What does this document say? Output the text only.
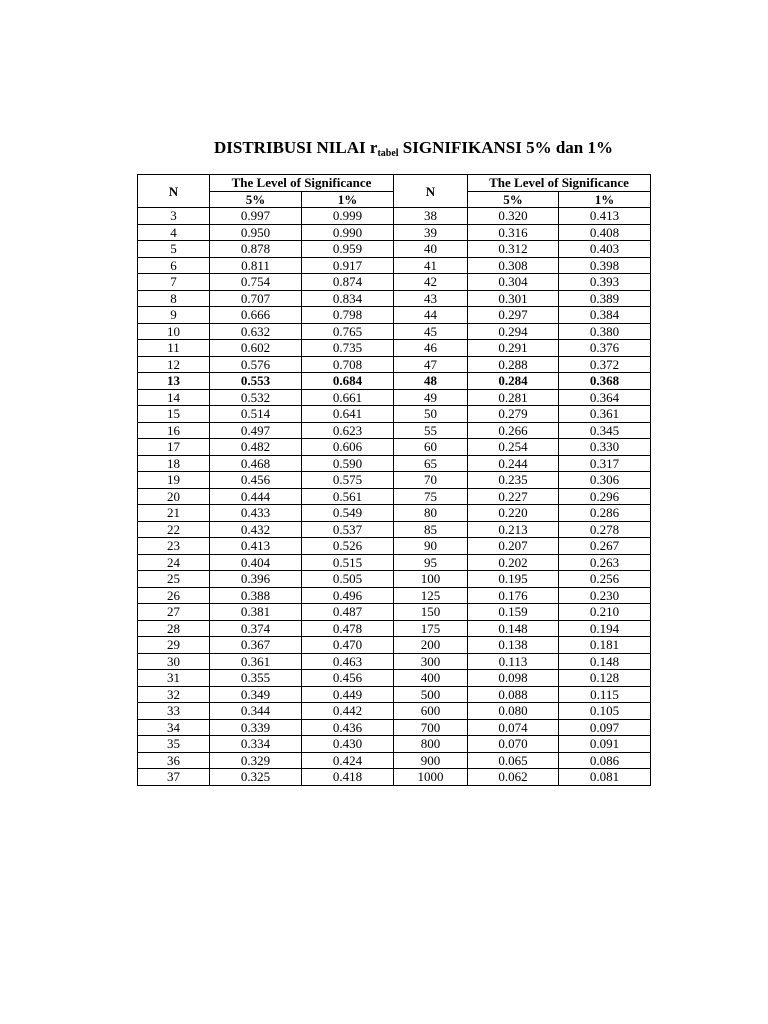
DISTRIBUSI NILAI $r_{tabel}$ SIGNIFIKANSI 5% dan 1%
N	The Level of Significance		N	The Level of Significance	
	5%	1%		5%	1%
3	0.997	0.999	38	0.320	0.413
4	0.950	0.990	39	0.316	0.408
5	0.878	0.959	40	0.312	0.403
6	0.811	0.917	41	0.308	0.398
7	0.754	0.874	42	0.304	0.393
8	0.707	0.834	43	0.301	0.389
9	0.666	0.798	44	0.297	0.384
10	0.632	0.765	45	0.294	0.380
11	0.602	0.735	46	0.291	0.376
12	0.576	0.708	47	0.288	0.372
13	0.553	0.684	48	0.284	0.368
14	0.532	0.661	49	0.281	0.364
15	0.514	0.641	50	0.279	0.361
16	0.497	0.623	55	0.266	0.345
17	0.482	0.606	60	0.254	0.330
18	0.468	0.590	65	0.244	0.317
19	0.456	0.575	70	0.235	0.306
20	0.444	0.561	75	0.227	0.296
21	0.433	0.549	80	0.220	0.286
22	0.432	0.537	85	0.213	0.278
23	0.413	0.526	90	0.207	0.267
24	0.404	0.515	95	0.202	0.263
25	0.396	0.505	100	0.195	0.256
26	0.388	0.496	125	0.176	0.230
27	0.381	0.487	150	0.159	0.210
28	0.374	0.478	175	0.148	0.194
29	0.367	0.470	200	0.138	0.181
30	0.361	0.463	300	0.113	0.148
31	0.355	0.456	400	0.098	0.128
32	0.349	0.449	500	0.088	0.115
33	0.344	0.442	600	0.080	0.105
34	0.339	0.436	700	0.074	0.097
35	0.334	0.430	800	0.070	0.091
36	0.329	0.424	900	0.065	0.086
37	0.325	0.418	1000	0.062	0.081
